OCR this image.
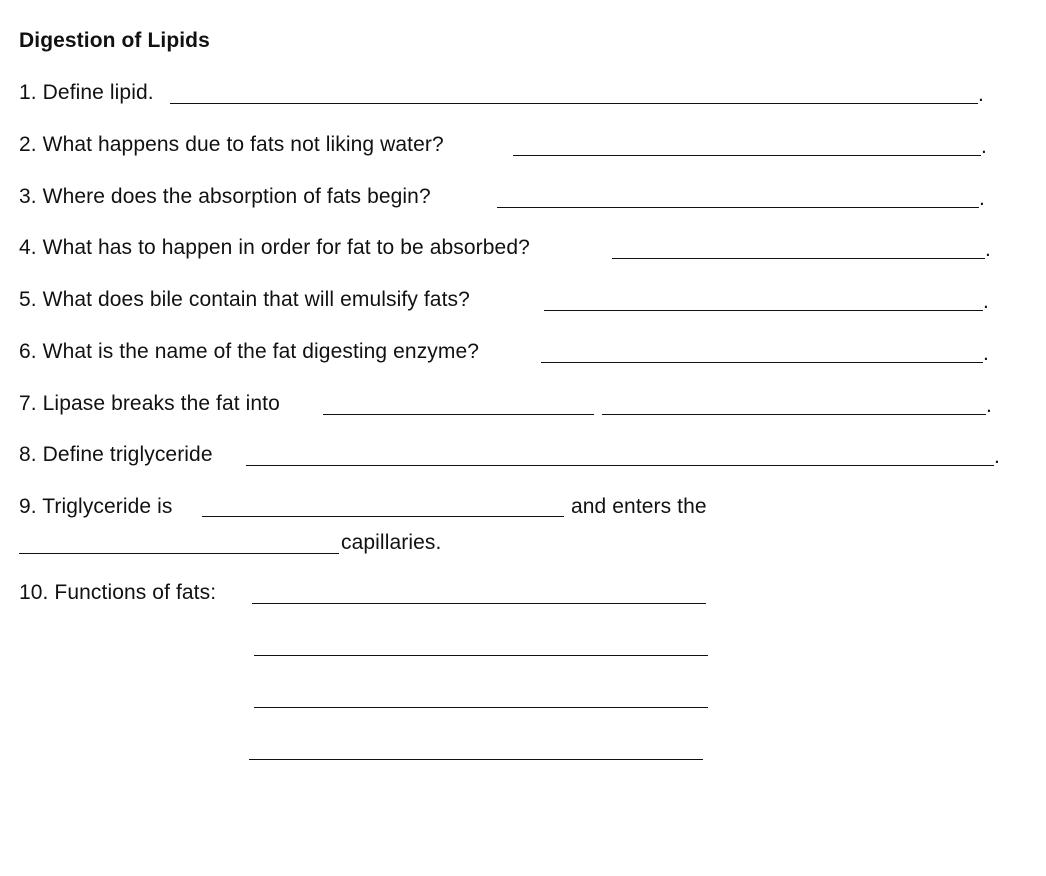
Digestion of Lipids
1. Define lipid.	.
2. What happens due to fats not liking water?	.
3. Where does the absorption of fats begin?	.
4. What has to happen in order for fat to be absorbed?	.
5. What does bile contain that will emulsify fats?	.
6. What is the name of the fat digesting enzyme?	.
7. Lipase breaks the fat into	.
8. Define triglyceride	.
9. Triglyceride is	and enters the
capillaries.
10. Functions of fats:
